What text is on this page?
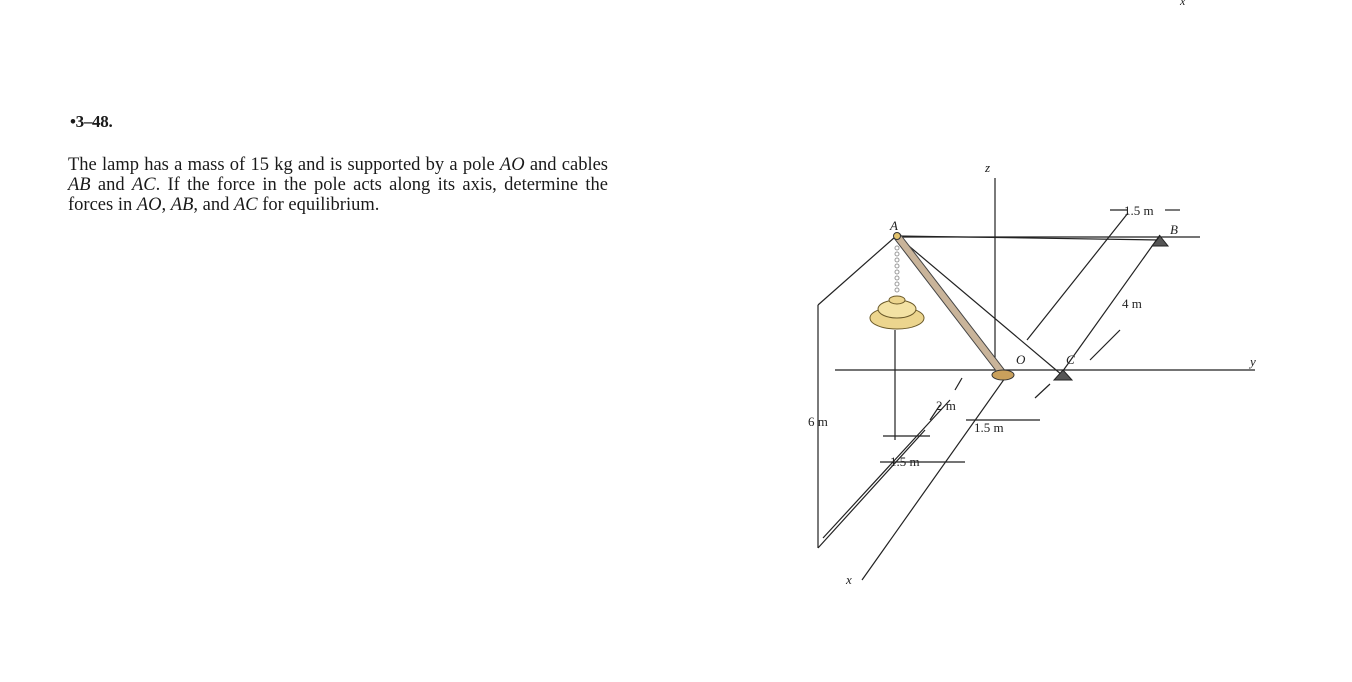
x
•3–48.
The lamp has a mass of 15 kg and is supported by a pole AO and cables AB and AC. If the force in the pole acts along its axis, determine the forces in AO, AB, and AC for equilibrium.
z
y
x
A	B
C
O
1.5 m
4 m
6 m
2 m
1.5 m
1.5 m
